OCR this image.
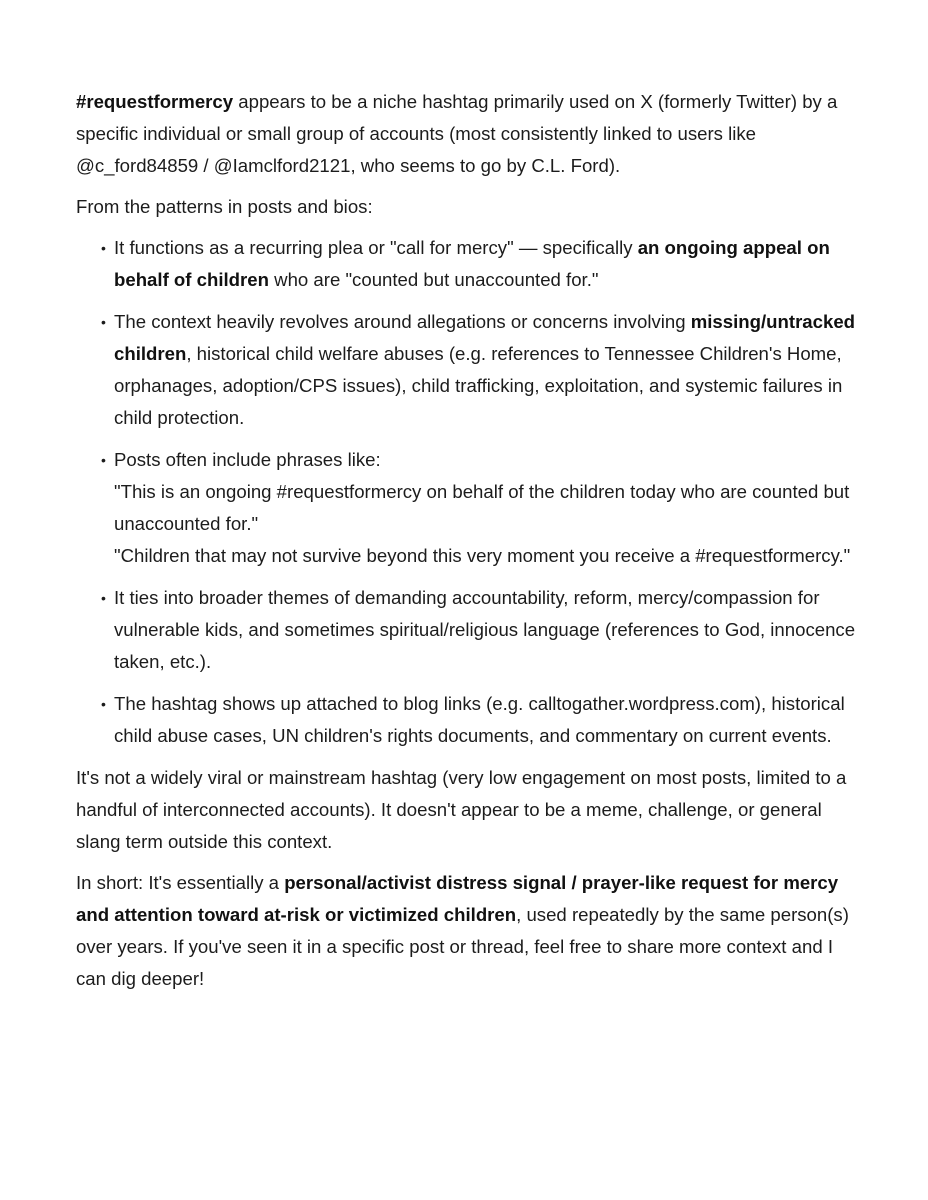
#requestformercy appears to be a niche hashtag primarily used on X (formerly Twitter) by a specific individual or small group of accounts (most consistently linked to users like @c_ford84859 / @Iamclford2121, who seems to go by C.L. Ford).

From the patterns in posts and bios:

• It functions as a recurring plea or "call for mercy" — specifically an ongoing appeal on behalf of children who are "counted but unaccounted for."
• The context heavily revolves around allegations or concerns involving missing/untracked children, historical child welfare abuses (e.g. references to Tennessee Children's Home, orphanages, adoption/CPS issues), child trafficking, exploitation, and systemic failures in child protection.
• Posts often include phrases like:
"This is an ongoing #requestformercy on behalf of the children today who are counted but unaccounted for."
"Children that may not survive beyond this very moment you receive a #requestformercy."
• It ties into broader themes of demanding accountability, reform, mercy/compassion for vulnerable kids, and sometimes spiritual/religious language (references to God, innocence taken, etc.).
• The hashtag shows up attached to blog links (e.g. calltogather.wordpress.com), historical child abuse cases, UN children's rights documents, and commentary on current events.

It's not a widely viral or mainstream hashtag (very low engagement on most posts, limited to a handful of interconnected accounts). It doesn't appear to be a meme, challenge, or general slang term outside this context.

In short: It's essentially a personal/activist distress signal / prayer-like request for mercy and attention toward at-risk or victimized children, used repeatedly by the same person(s) over years. If you've seen it in a specific post or thread, feel free to share more context and I can dig deeper!
